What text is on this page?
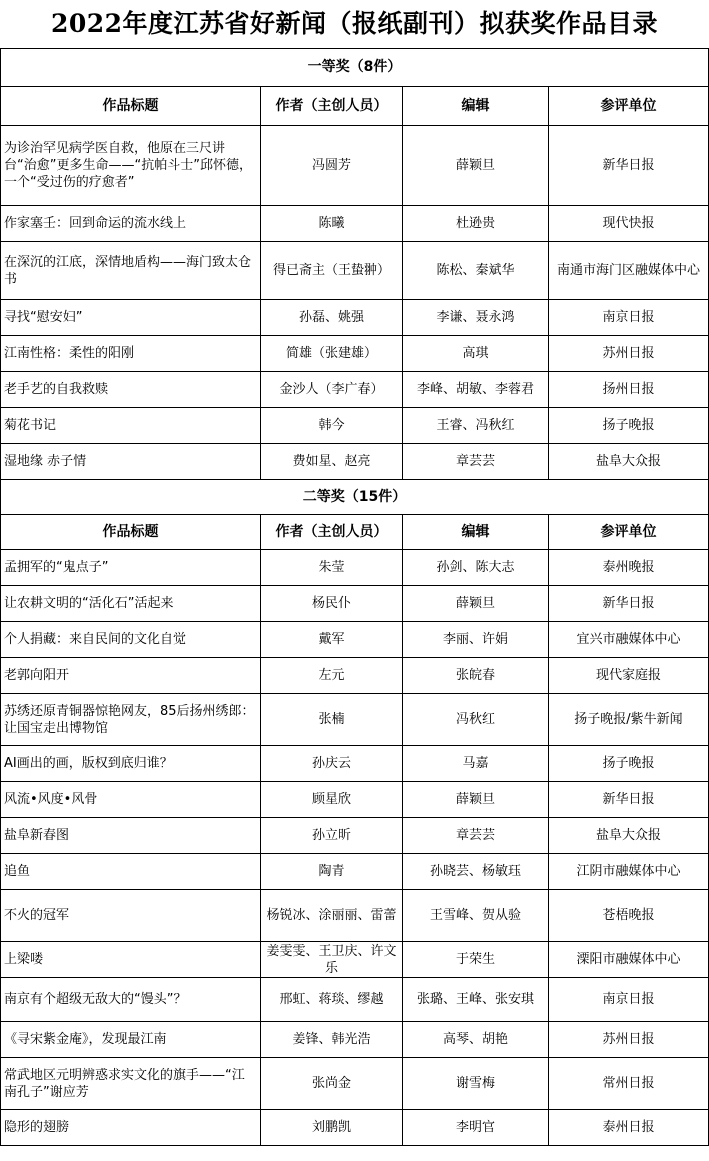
2022年度江苏省好新闻（报纸副刊）拟获奖作品目录
一等奖（8件）			
作品标题	作者（主创人员）	编辑	参评单位
为诊治罕见病学医自救，他原在三尺讲台“治愈”更多生命——“抗帕斗士”邱怀德，一个“受过伤的疗愈者”	冯圆芳	薛颖旦	新华日报
作家塞壬：回到命运的流水线上	陈曦	杜逊贵	现代快报
在深沉的江底，深情地盾构——海门致太仓书	得已斋主（王蛰翀）	陈松、秦斌华	南通市海门区融媒体中心
寻找“慰安妇”	孙磊、姚强	李谦、聂永鸿	南京日报
江南性格：柔性的阳刚	简雄（张建雄）	高琪	苏州日报
老手艺的自我救赎	金沙人（李广春）	李峰、胡敏、李蓉君	扬州日报
菊花书记	韩今	王睿、冯秋红	扬子晚报
湿地缘 赤子情	费如星、赵亮	章芸芸	盐阜大众报
二等奖（15件）			
作品标题	作者（主创人员）	编辑	参评单位
孟拥军的“鬼点子”	朱莹	孙剑、陈大志	泰州晚报
让农耕文明的“活化石”活起来	杨民仆	薛颖旦	新华日报
个人捐藏：来自民间的文化自觉	戴军	李丽、许娟	宜兴市融媒体中心
老郭向阳开	左元	张皖春	现代家庭报
苏绣还原青铜器惊艳网友，85后扬州绣郎：让国宝走出博物馆	张楠	冯秋红	扬子晚报/紫牛新闻
AI画出的画，版权到底归谁？	孙庆云	马嘉	扬子晚报
风流•风度•风骨	顾星欣	薛颖旦	新华日报
盐阜新春图	孙立昕	章芸芸	盐阜大众报
追鱼	陶青	孙晓芸、杨敏珏	江阴市融媒体中心
不火的冠军	杨锐冰、涂丽丽、雷蕾	王雪峰、贺从验	苍梧晚报
上梁喽	姜雯雯、王卫庆、许文乐	于荣生	溧阳市融媒体中心
南京有个超级无敌大的“馒头”？	邢虹、蒋琰、缪越	张璐、王峰、张安琪	南京日报
《寻宋紫金庵》，发现最江南	姜锋、韩光浩	高琴、胡艳	苏州日报
常武地区元明辨惑求实文化的旗手——“江南孔子”谢应芳	张尚金	谢雪梅	常州日报
隐形的翅膀	刘鹏凯	李明官	泰州日报
